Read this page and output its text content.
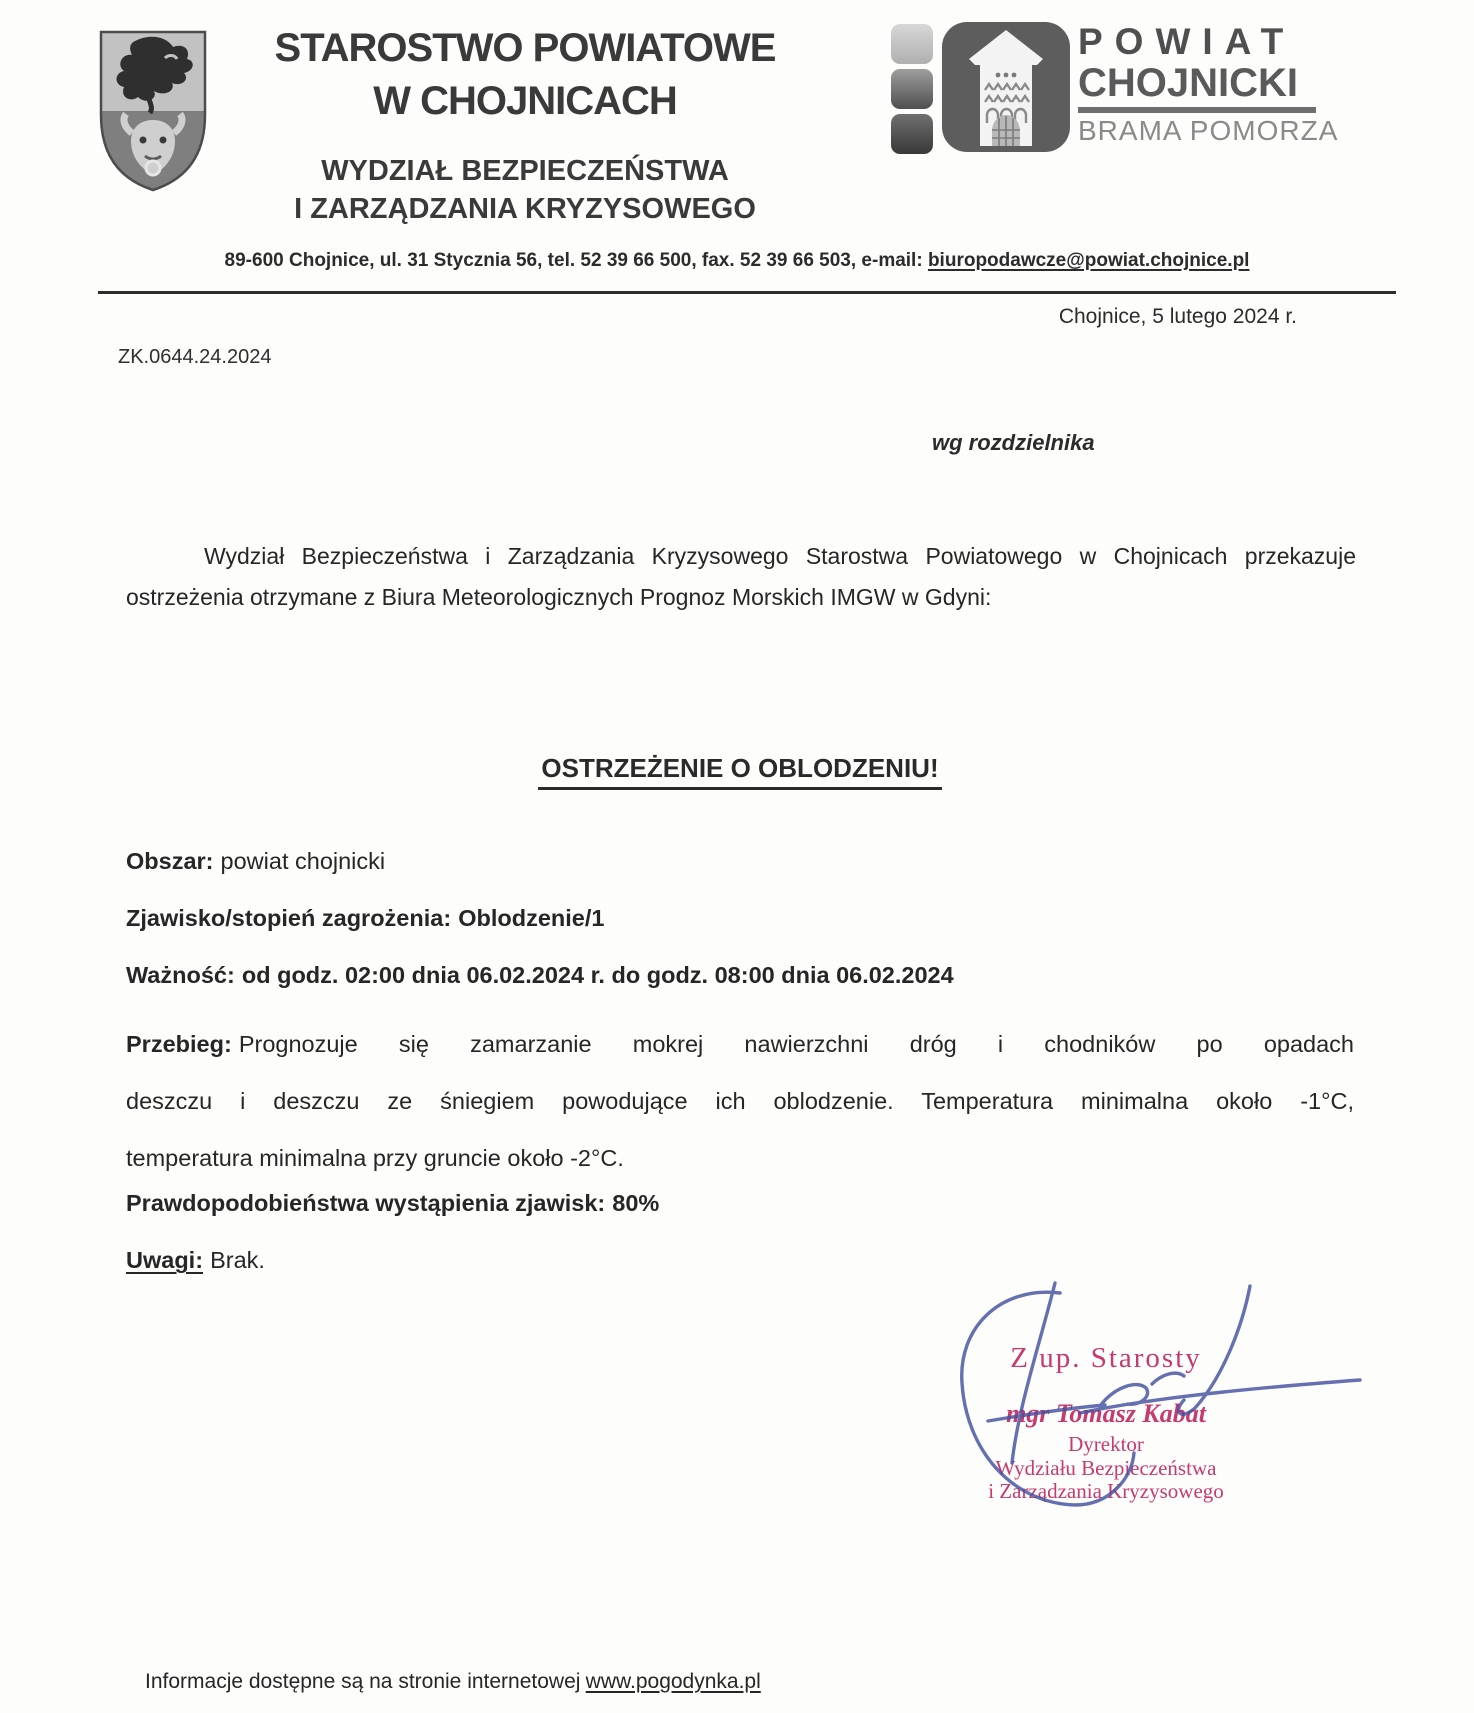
STAROSTWO POWIATOWE
W CHOJNICACH
WYDZIAŁ BEZPIECZEŃSTWA
I ZARZĄDZANIA KRYZYSOWEGO
POWIAT
CHOJNICKI
BRAMA POMORZA
89-600 Chojnice, ul. 31 Stycznia 56, tel. 52 39 66 500, fax. 52 39 66 503, e-mail: biuropodawcze@powiat.chojnice.pl
Chojnice, 5 lutego 2024 r.
ZK.0644.24.2024
wg rozdzielnika

Wydział Bezpieczeństwa i Zarządzania Kryzysowego Starostwa Powiatowego w Chojnicach przekazuje
ostrzeżenia otrzymane z Biura Meteorologicznych Prognoz Morskich IMGW w Gdyni:

OSTRZEŻENIE O OBLODZENIU!
Obszar: powiat chojnicki
Zjawisko/stopień zagrożenia: Oblodzenie/1
Ważność: od godz. 02:00 dnia 06.02.2024 r. do godz. 08:00 dnia 06.02.2024
Przebieg: Prognozuje się zamarzanie mokrej nawierzchni dróg i chodników po opadach
deszczu i deszczu ze śniegiem powodujące ich oblodzenie. Temperatura minimalna około -1°C,
temperatura minimalna przy gruncie około -2°C.
Prawdopodobieństwa wystąpienia zjawisk: 80%
Uwagi: Brak.
Z up. Starosty
mgr Tomasz Kabat
Dyrektor
Wydziału Bezpieczeństwa
i Zarządzania Kryzysowego
Informacje dostępne są na stronie internetowej www.pogodynka.pl
